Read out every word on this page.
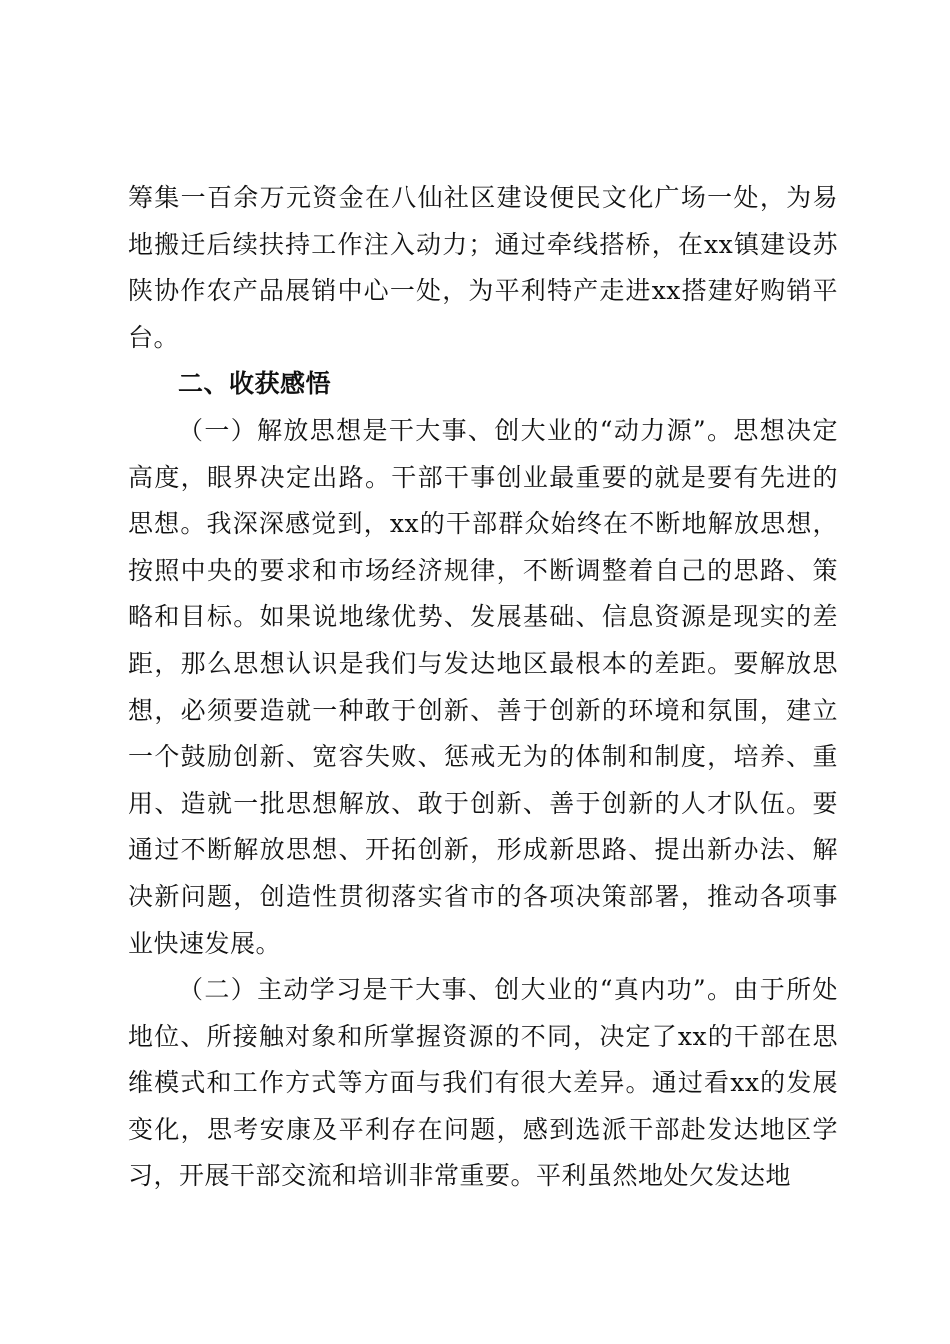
筹集一百余万元资金在八仙社区建设便民文化广场一处，为易地搬迁后续扶持工作注入动力；通过牵线搭桥，在xx镇建设苏陕协作农产品展销中心一处，为平利特产走进xx搭建好购销平台。

二、收获感悟

（一）解放思想是干大事、创大业的“动力源”。思想决定高度，眼界决定出路。干部干事创业最重要的就是要有先进的思想。我深深感觉到，xx的干部群众始终在不断地解放思想，按照中央的要求和市场经济规律，不断调整着自己的思路、策略和目标。如果说地缘优势、发展基础、信息资源是现实的差距，那么思想认识是我们与发达地区最根本的差距。要解放思想，必须要造就一种敢于创新、善于创新的环境和氛围，建立一个鼓励创新、宽容失败、惩戒无为的体制和制度，培养、重用、造就一批思想解放、敢于创新、善于创新的人才队伍。要通过不断解放思想、开拓创新，形成新思路、提出新办法、解决新问题，创造性贯彻落实省市的各项决策部署，推动各项事业快速发展。

（二）主动学习是干大事、创大业的“真内功”。由于所处地位、所接触对象和所掌握资源的不同，决定了xx的干部在思维模式和工作方式等方面与我们有很大差异。通过看xx的发展变化，思考安康及平利存在问题，感到选派干部赴发达地区学习，开展干部交流和培训非常重要。平利虽然地处欠发达地
